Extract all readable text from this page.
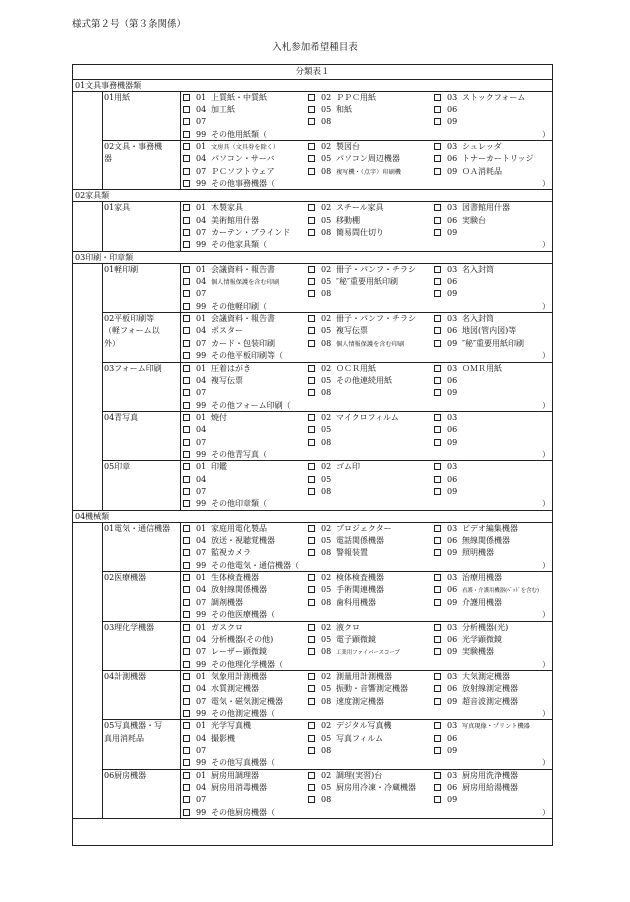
様式第２号（第３条関係）
入札参加希望種目表
分類表１
01文具事務機器類
01用紙	01 上質紙・中質紙	02 ＰＰＣ用紙	03 ストックフォーム
04 加工紙	05 和紙	06
07	08	09
99 その他用紙類（	）
02文具・事務機
器
01 文房具（文具券を除く）	02 製図台	03 シュレッダ
04 パソコン・サーバ	05 パソコン周辺機器	06 トナーカートリッジ
07 ＰＣソフトウェア	08 複写機・（点字）印刷機	09 ＯＡ消耗品
99 その他事務機器（	）
02家具類
01家具	01 木製家具	02 スチール家具	03 図書館用什器
04 美術館用什器	05 移動棚	06 実験台
07 カーテン・ブラインド	08 簡易間仕切り	09
99 その他家具類（	）
03印刷・印章類
01軽印刷	01 会議資料・報告書	02 冊子・パンフ・チラシ	03 名入封筒
04 個人情報保護を含む印刷	05 ″秘″重要用紙印刷	06
07	08	09
99 その他軽印刷（	）
02平板印刷等
（軽フォーム以
外）
01 会議資料・報告書	02 冊子・パンフ・チラシ	03 名入封筒
04 ポスター	05 複写伝票	06 地図(管内図)等
07 カード・包装印刷	08 個人情報保護を含む印刷	09 ″秘″重要用紙印刷
99 その他平板印刷等（	）
03フォーム印刷	01 圧着はがき	02 ＯＣＲ用紙	03 ＯＭＲ用紙
04 複写伝票	05 その他連続用紙	06
07	08	09
99 その他フォーム印刷（	）
04青写真	01 焼付	02 マイクロフィルム	03
04	05	06
07	08	09
99 その他青写真（	）
05印章	01 印鑑	02 ゴム印	03
04	05	06
07	08	09
99 その他印章類（	）
04機械類
01電気・通信機器	01 家庭用電化製品	02 プロジェクター	03 ビデオ編集機器
04 放送・視聴覚機器	05 電話関係機器	06 無線関係機器
07 監視カメラ	08 警報装置	09 照明機器
99 その他電気・通信機器（	）
02医療機器	01 生体検査機器	02 検体検査機器	03 治療用機器
04 放射線関係機器	05 手術関連機器	06 看護・介護用機器(ﾍﾞｯﾄﾞを含む)
07 調剤機器	08 歯科用機器	09 介護用機器
99 その他医療機器（	）
03理化学機器	01 ガスクロ	02 液クロ	03 分析機器(光)
04 分析機器(その他)	05 電子顕微鏡	06 光学顕微鏡
07 レーザー顕微鏡	08 工業用ファイバースコープ	09 実験機器
99 その他理化学機器（	）
04計測機器	01 気象用計測機器	02 測量用計測機器	03 大気測定機器
04 水質測定機器	05 振動・音響測定機器	06 放射線測定機器
07 電気・磁気測定機器	08 速度測定機器	09 超音波測定機器
99 その他測定機器（	）
05写真機器・写
真用消耗品
01 光学写真機	02 デジタル写真機	03 写真現像・プリント機器
04 撮影機	05 写真フィルム	06
07	08	09
99 その他写真機器（	）
06厨房機器	01 厨房用調理器	02 調理(実習)台	03 厨房用洗浄機器
04 厨房用消毒機器	05 厨房用冷凍・冷蔵機器	06 厨房用給湯機器
07	08	09
99 その他厨房機器（	）
